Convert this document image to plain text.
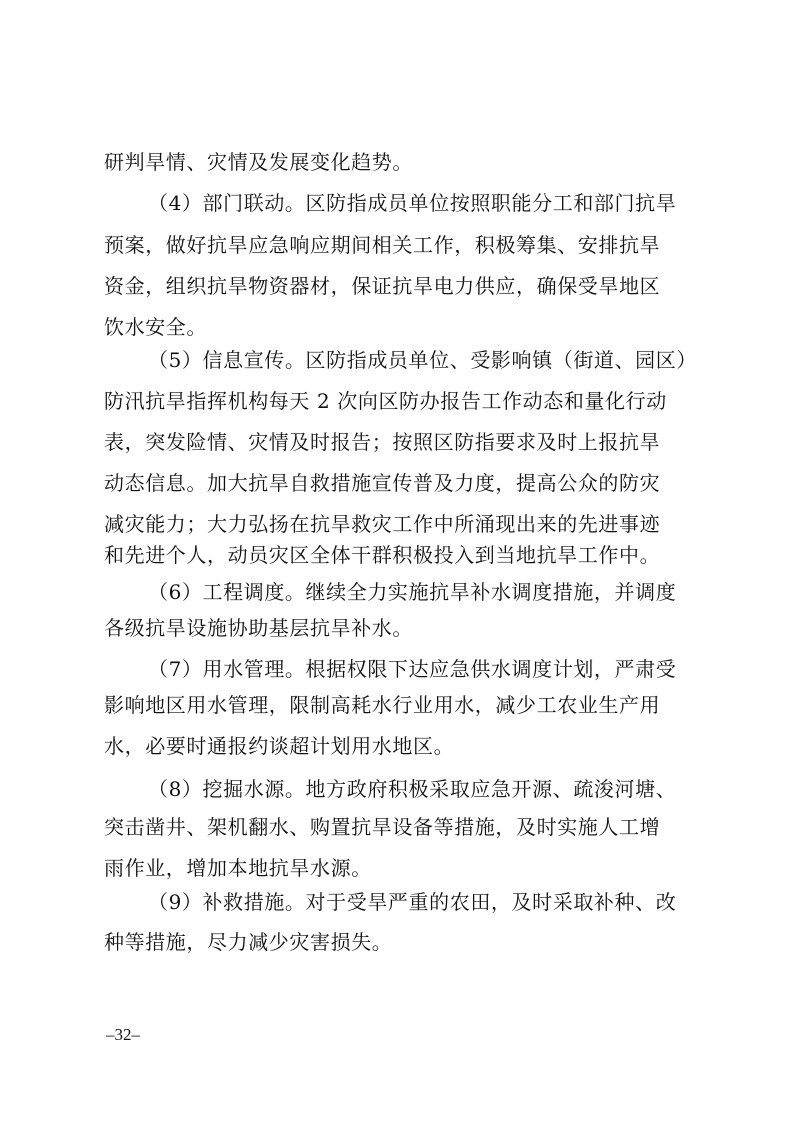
研判旱情、灾情及发展变化趋势。
（4）部门联动。区防指成员单位按照职能分工和部门抗旱
预案，做好抗旱应急响应期间相关工作，积极筹集、安排抗旱
资金，组织抗旱物资器材，保证抗旱电力供应，确保受旱地区
饮水安全。
（5）信息宣传。区防指成员单位、受影响镇（街道、园区）
防汛抗旱指挥机构每天 2 次向区防办报告工作动态和量化行动
表，突发险情、灾情及时报告；按照区防指要求及时上报抗旱
动态信息。加大抗旱自救措施宣传普及力度，提高公众的防灾
减灾能力；大力弘扬在抗旱救灾工作中所涌现出来的先进事迹
和先进个人，动员灾区全体干群积极投入到当地抗旱工作中。
（6）工程调度。继续全力实施抗旱补水调度措施，并调度
各级抗旱设施协助基层抗旱补水。
（7）用水管理。根据权限下达应急供水调度计划，严肃受
影响地区用水管理，限制高耗水行业用水，减少工农业生产用
水，必要时通报约谈超计划用水地区。
（8）挖掘水源。地方政府积极采取应急开源、疏浚河塘、
突击凿井、架机翻水、购置抗旱设备等措施，及时实施人工增
雨作业，增加本地抗旱水源。
（9）补救措施。对于受旱严重的农田，及时采取补种、改
种等措施，尽力减少灾害损失。
–32–
